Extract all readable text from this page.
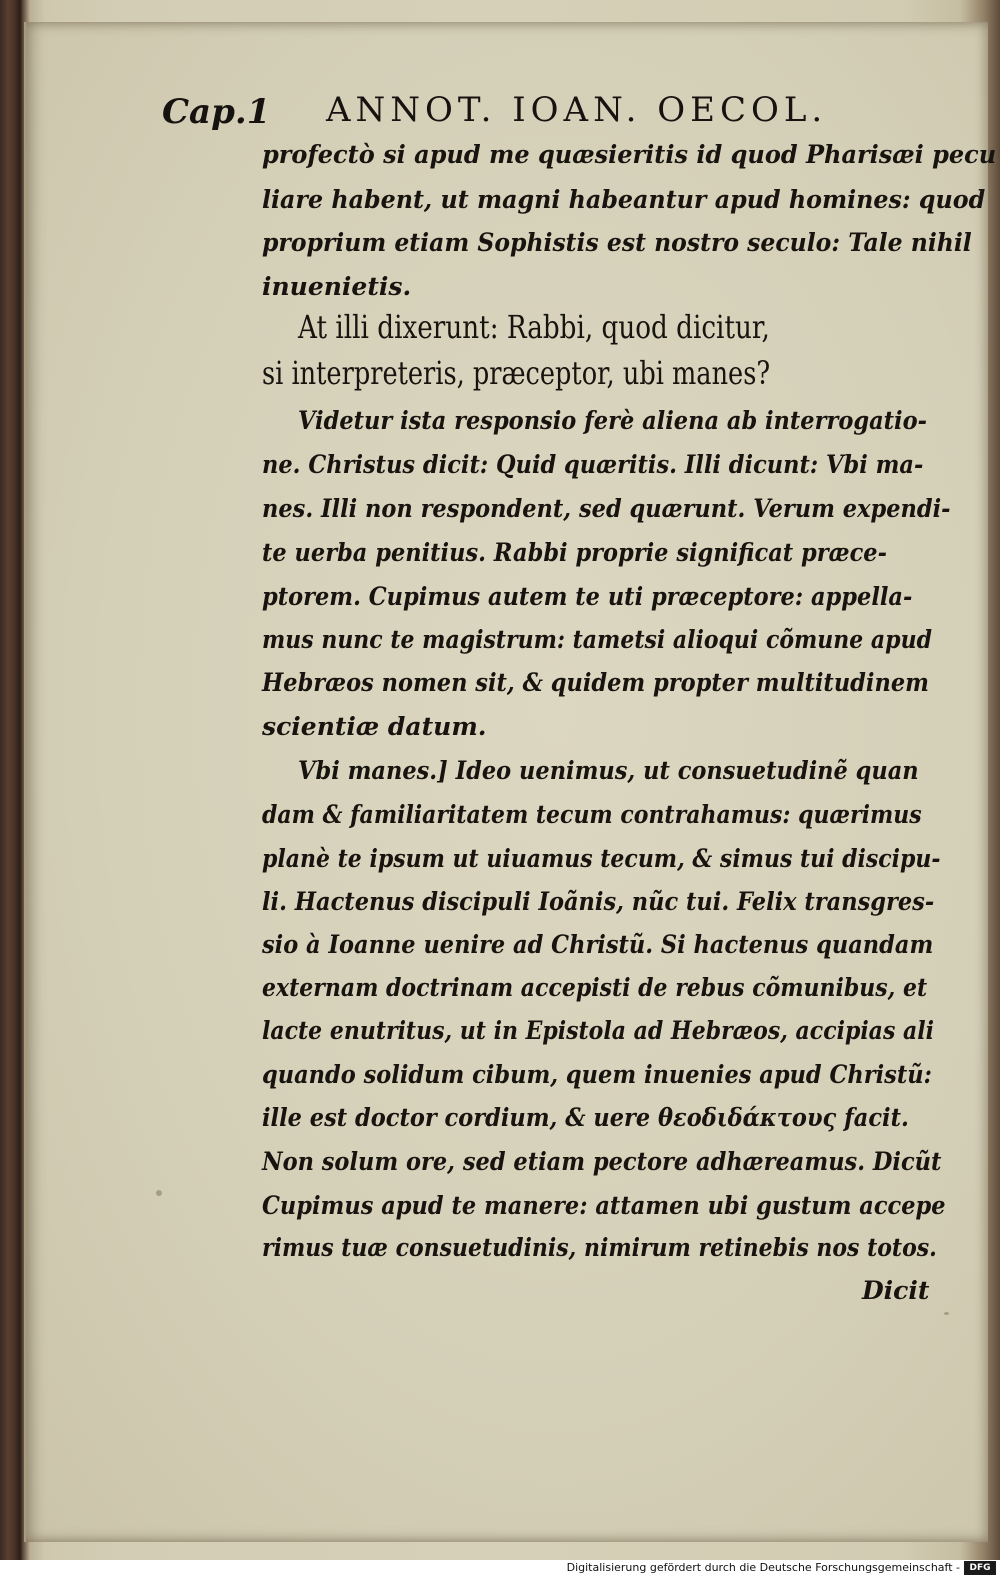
Cap.1 ANNOT. IOAN. OECOL.
profectò si apud me quæsieritis id quod Pharisæi pecu
liare habent, ut magni habeantur apud homines: quod
proprium etiam Sophistis est nostro seculo: Tale nihil
inuenietis.
At illi dixerunt: Rabbi, quod dicitur,
si interpreteris, præceptor, ubi manes?
Videtur ista responsio ferè aliena ab interrogatio-
ne. Christus dicit: Quid quæritis. Illi dicunt: Vbi ma-
nes. Illi non respondent, sed quærunt. Verum expendi-
te uerba penitius. Rabbi proprie significat præce-
ptorem. Cupimus autem te uti præceptore: appella-
mus nunc te magistrum: tametsi alioqui cõmune apud
Hebræos nomen sit, & quidem propter multitudinem
scientiæ datum.
Vbi manes.] Ideo uenimus, ut consuetudinẽ quan
dam & familiaritatem tecum contrahamus: quærimus
planè te ipsum ut uiuamus tecum, & simus tui discipu-
li. Hactenus discipuli Ioãnis, nũc tui. Felix transgres-
sio à Ioanne uenire ad Christũ. Si hactenus quandam
externam doctrinam accepisti de rebus cõmunibus, et
lacte enutritus, ut in Epistola ad Hebræos, accipias ali
quando solidum cibum, quem inuenies apud Christũ:
ille est doctor cordium, & uere θεοδιδάκτους facit.
Non solum ore, sed etiam pectore adhæreamus. Dicũt
Cupimus apud te manere: attamen ubi gustum accepe
rimus tuæ consuetudinis, nimirum retinebis nos totos.
Dicit
Digitalisierung gefördert durch die Deutsche Forschungsgemeinschaft -	DFG
